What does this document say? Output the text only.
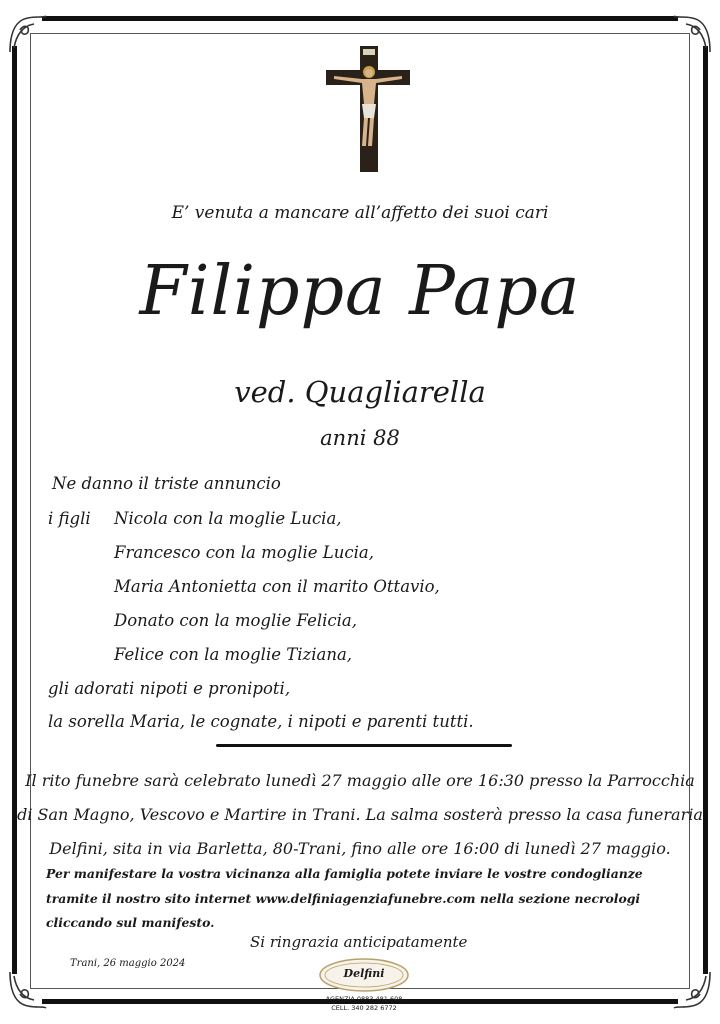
E’ venuta a mancare all’affetto dei suoi cari
Filippa Papa
ved. Quagliarella
anni 88
Ne danno il triste annuncio
i figli Nicola con la moglie Lucia,
Francesco con la moglie Lucia,
Maria Antonietta con il marito Ottavio,
Donato con la moglie Felicia,
Felice con la moglie Tiziana,
gli adorati nipoti e pronipoti,
la sorella Maria, le cognate, i nipoti e parenti tutti.
Il rito funebre sarà celebrato lunedì 27 maggio alle ore 16:30 presso la Parrocchia
di San Magno, Vescovo e Martire in Trani. La salma sosterà presso la casa funeraria
Delfini, sita in via Barletta, 80-Trani, fino alle ore 16:00 di lunedì 27 maggio.
Per manifestare la vostra vicinanza alla famiglia potete inviare le vostre condoglianze
tramite il nostro sito internet www.delfiniagenziafunebre.com nella sezione necrologi
cliccando sul manifesto.
Si ringrazia anticipatamente
Trani, 26 maggio 2024
Delfini
AGENZIA 0883 481 608
CELL. 340 282 6772
